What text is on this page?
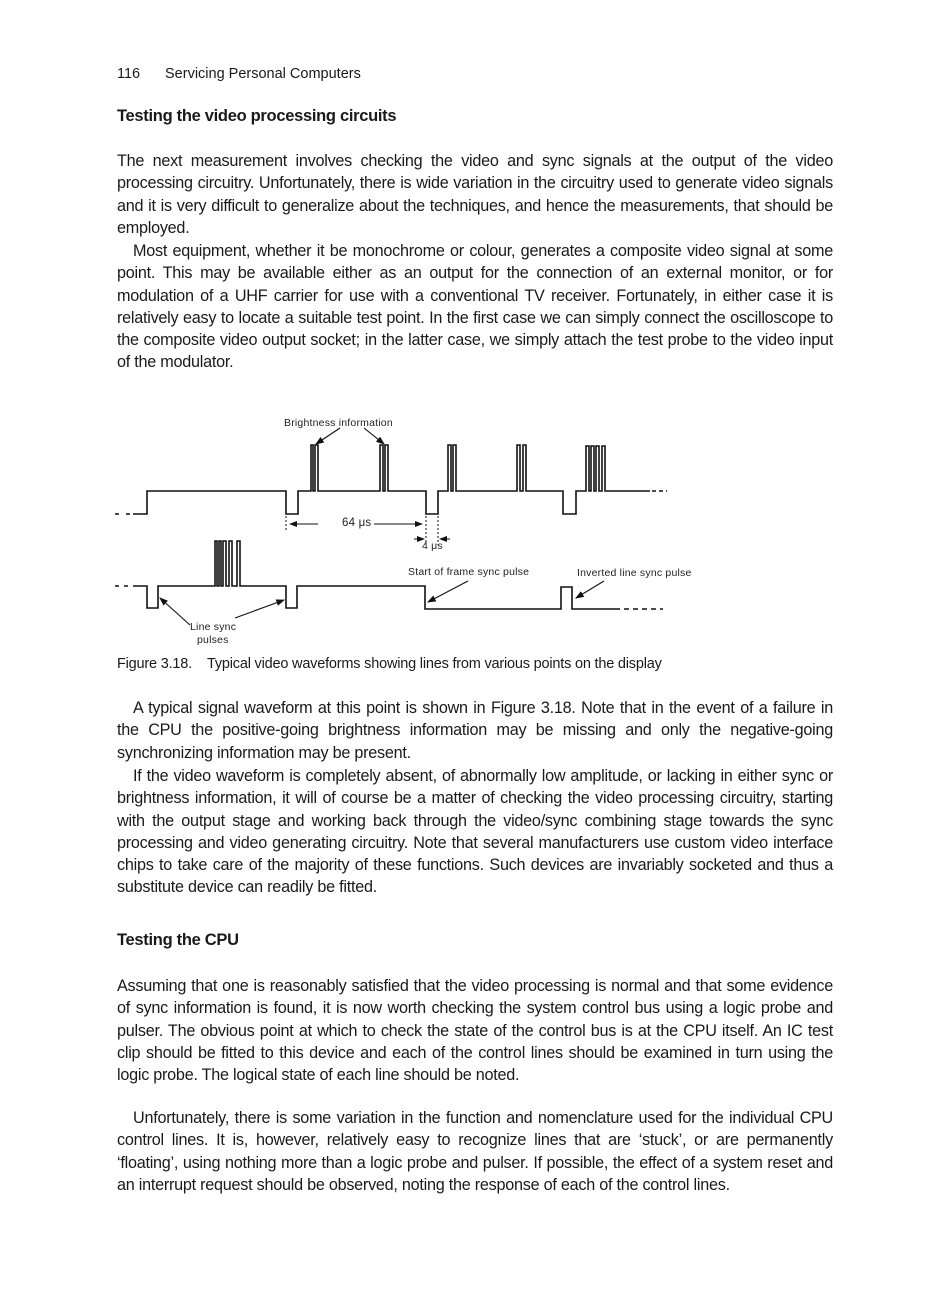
116 Servicing Personal Computers
Testing the video processing circuits

The next measurement involves checking the video and sync signals at the output of the video processing circuitry. Unfortunately, there is wide variation in the circuitry used to generate video signals and it is very difficult to generalize about the techniques, and hence the measurements, that should be employed.

Most equipment, whether it be monochrome or colour, generates a composite video signal at some point. This may be available either as an output for the connection of an external monitor, or for modulation of a UHF carrier for use with a conventional TV receiver. Fortunately, in either case it is relatively easy to locate a suitable test point. In the first case we can simply connect the oscilloscope to the composite video output socket; in the latter case, we simply attach the test probe to the video input of the modulator.

Brightness information
64 μs
4 μs
Start of frame sync pulse	Inverted line sync pulse
Line sync
pulses
Figure 3.18. Typical video waveforms showing lines from various points on the display

A typical signal waveform at this point is shown in Figure 3.18. Note that in the event of a failure in the CPU the positive-going brightness information may be missing and only the negative-going synchronizing information may be present.

If the video waveform is completely absent, of abnormally low amplitude, or lacking in either sync or brightness information, it will of course be a matter of checking the video processing circuitry, starting with the output stage and working back through the video/sync combining stage towards the sync processing and video generating circuitry. Note that several manufacturers use custom video interface chips to take care of the majority of these functions. Such devices are invariably socketed and thus a substitute device can readily be fitted.

Testing the CPU

Assuming that one is reasonably satisfied that the video processing is normal and that some evidence of sync information is found, it is now worth checking the system control bus using a logic probe and pulser. The obvious point at which to check the state of the control bus is at the CPU itself. An IC test clip should be fitted to this device and each of the control lines should be examined in turn using the logic probe. The logical state of each line should be noted.

Unfortunately, there is some variation in the function and nomenclature used for the individual CPU control lines. It is, however, relatively easy to recognize lines that are ‘stuck’, or are permanently ‘floating’, using nothing more than a logic probe and pulser. If possible, the effect of a system reset and an interrupt request should be observed, noting the response of each of the control lines.
